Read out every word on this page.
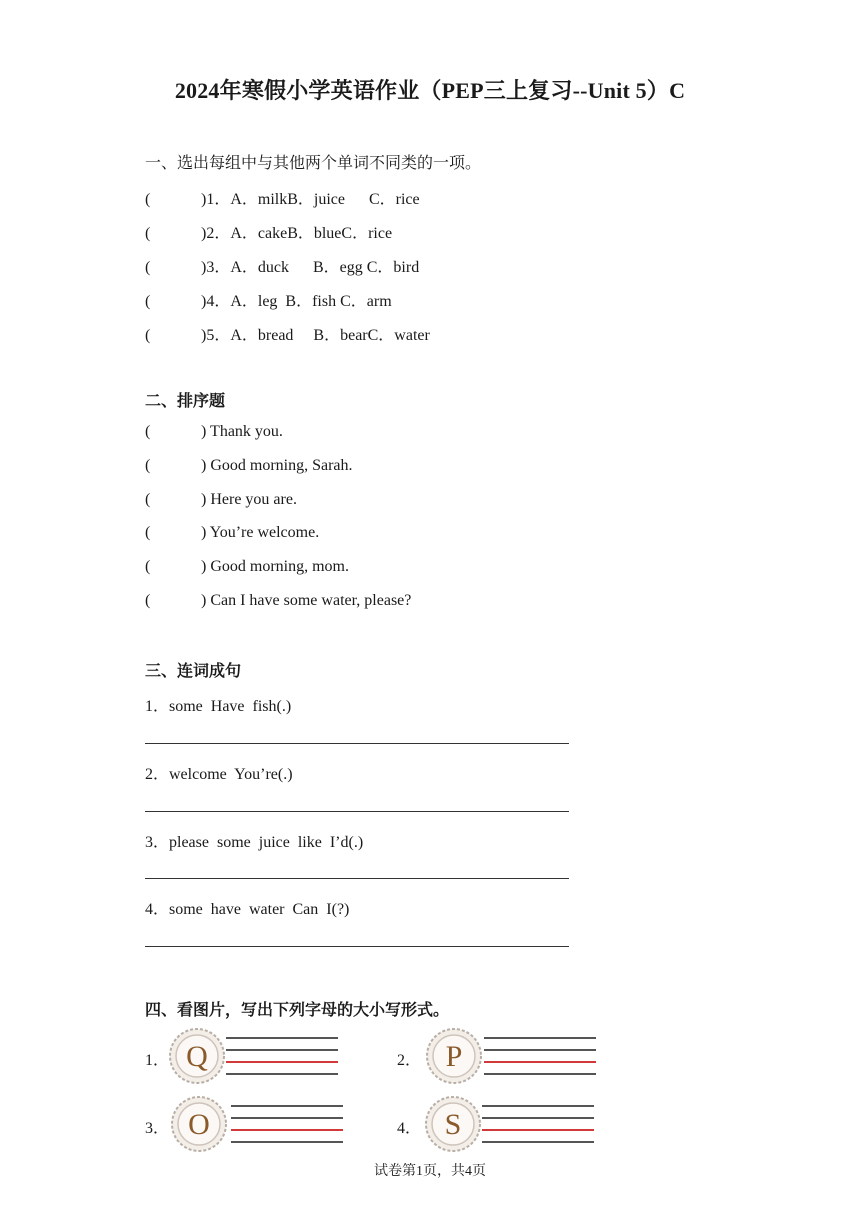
2024年寒假小学英语作业（PEP三上复习--Unit 5）C
一、选出每组中与其他两个单词不同类的一项。
(	)1．A．milkB．juice      C．rice
(	)2．A．cakeB．blueC．rice
(	)3．A．duck      B．egg C．bird
(	)4．A．leg  B．fish C．arm
(	)5．A．bread     B．bearC．water
二、排序题
(	) Thank you.
(	) Good morning, Sarah.
(	) Here you are.
(	) You’re welcome.
(	) Good morning, mom.
(	) Can I have some water, please?
三、连词成句
1．some  Have  fish(.)
2．welcome  You’re(.)
3．please  some  juice  like  I’d(.)
4．some  have  water  Can  I(?)
四、看图片，写出下列字母的大小写形式。
1． Q	2． P
3． O	4． S
试卷第1页，共4页
